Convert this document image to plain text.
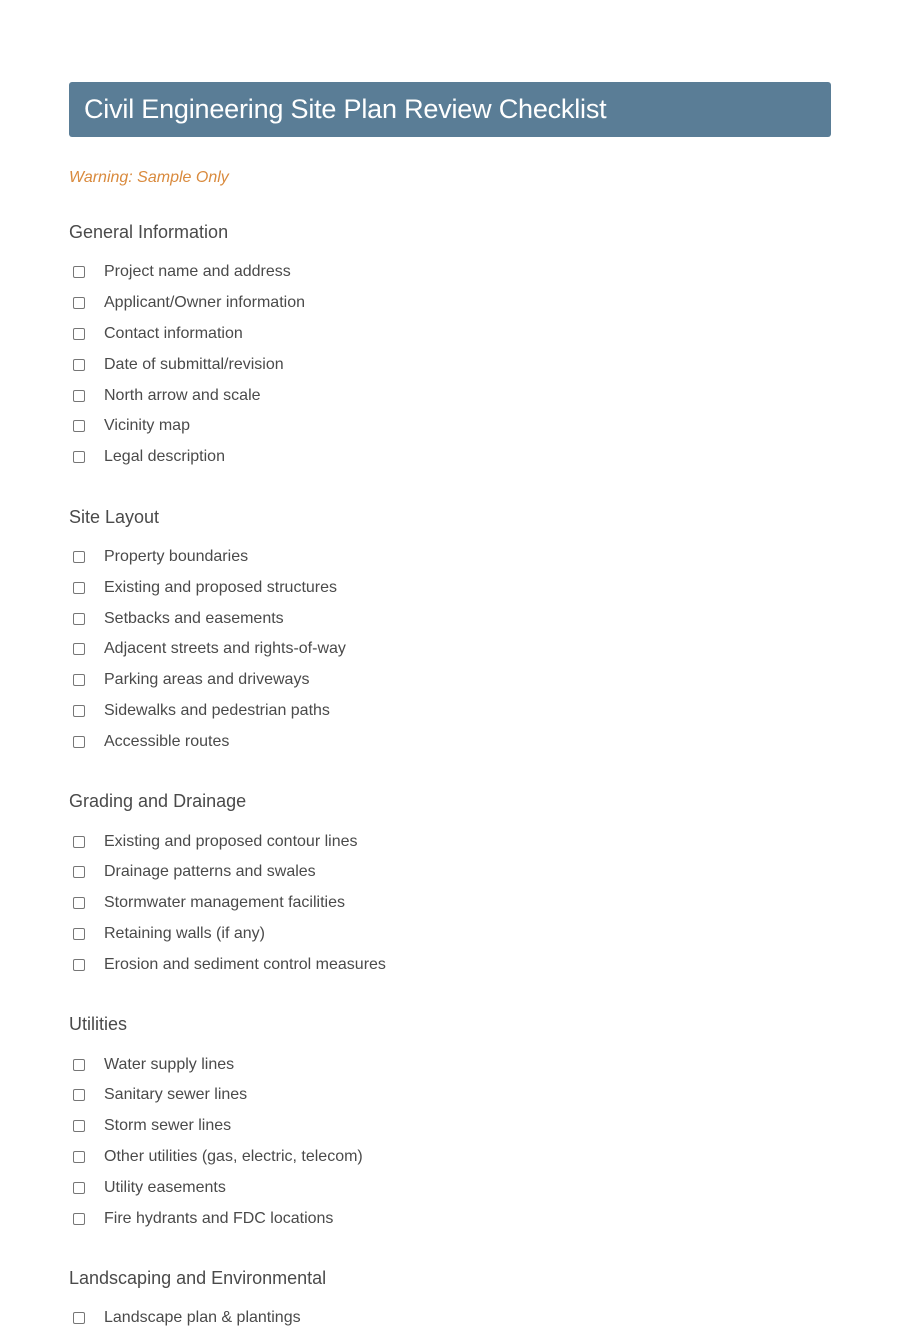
Civil Engineering Site Plan Review Checklist
Warning: Sample Only
General Information
Project name and address
Applicant/Owner information
Contact information
Date of submittal/revision
North arrow and scale
Vicinity map
Legal description
Site Layout
Property boundaries
Existing and proposed structures
Setbacks and easements
Adjacent streets and rights-of-way
Parking areas and driveways
Sidewalks and pedestrian paths
Accessible routes
Grading and Drainage
Existing and proposed contour lines
Drainage patterns and swales
Stormwater management facilities
Retaining walls (if any)
Erosion and sediment control measures
Utilities
Water supply lines
Sanitary sewer lines
Storm sewer lines
Other utilities (gas, electric, telecom)
Utility easements
Fire hydrants and FDC locations
Landscaping and Environmental
Landscape plan & plantings
